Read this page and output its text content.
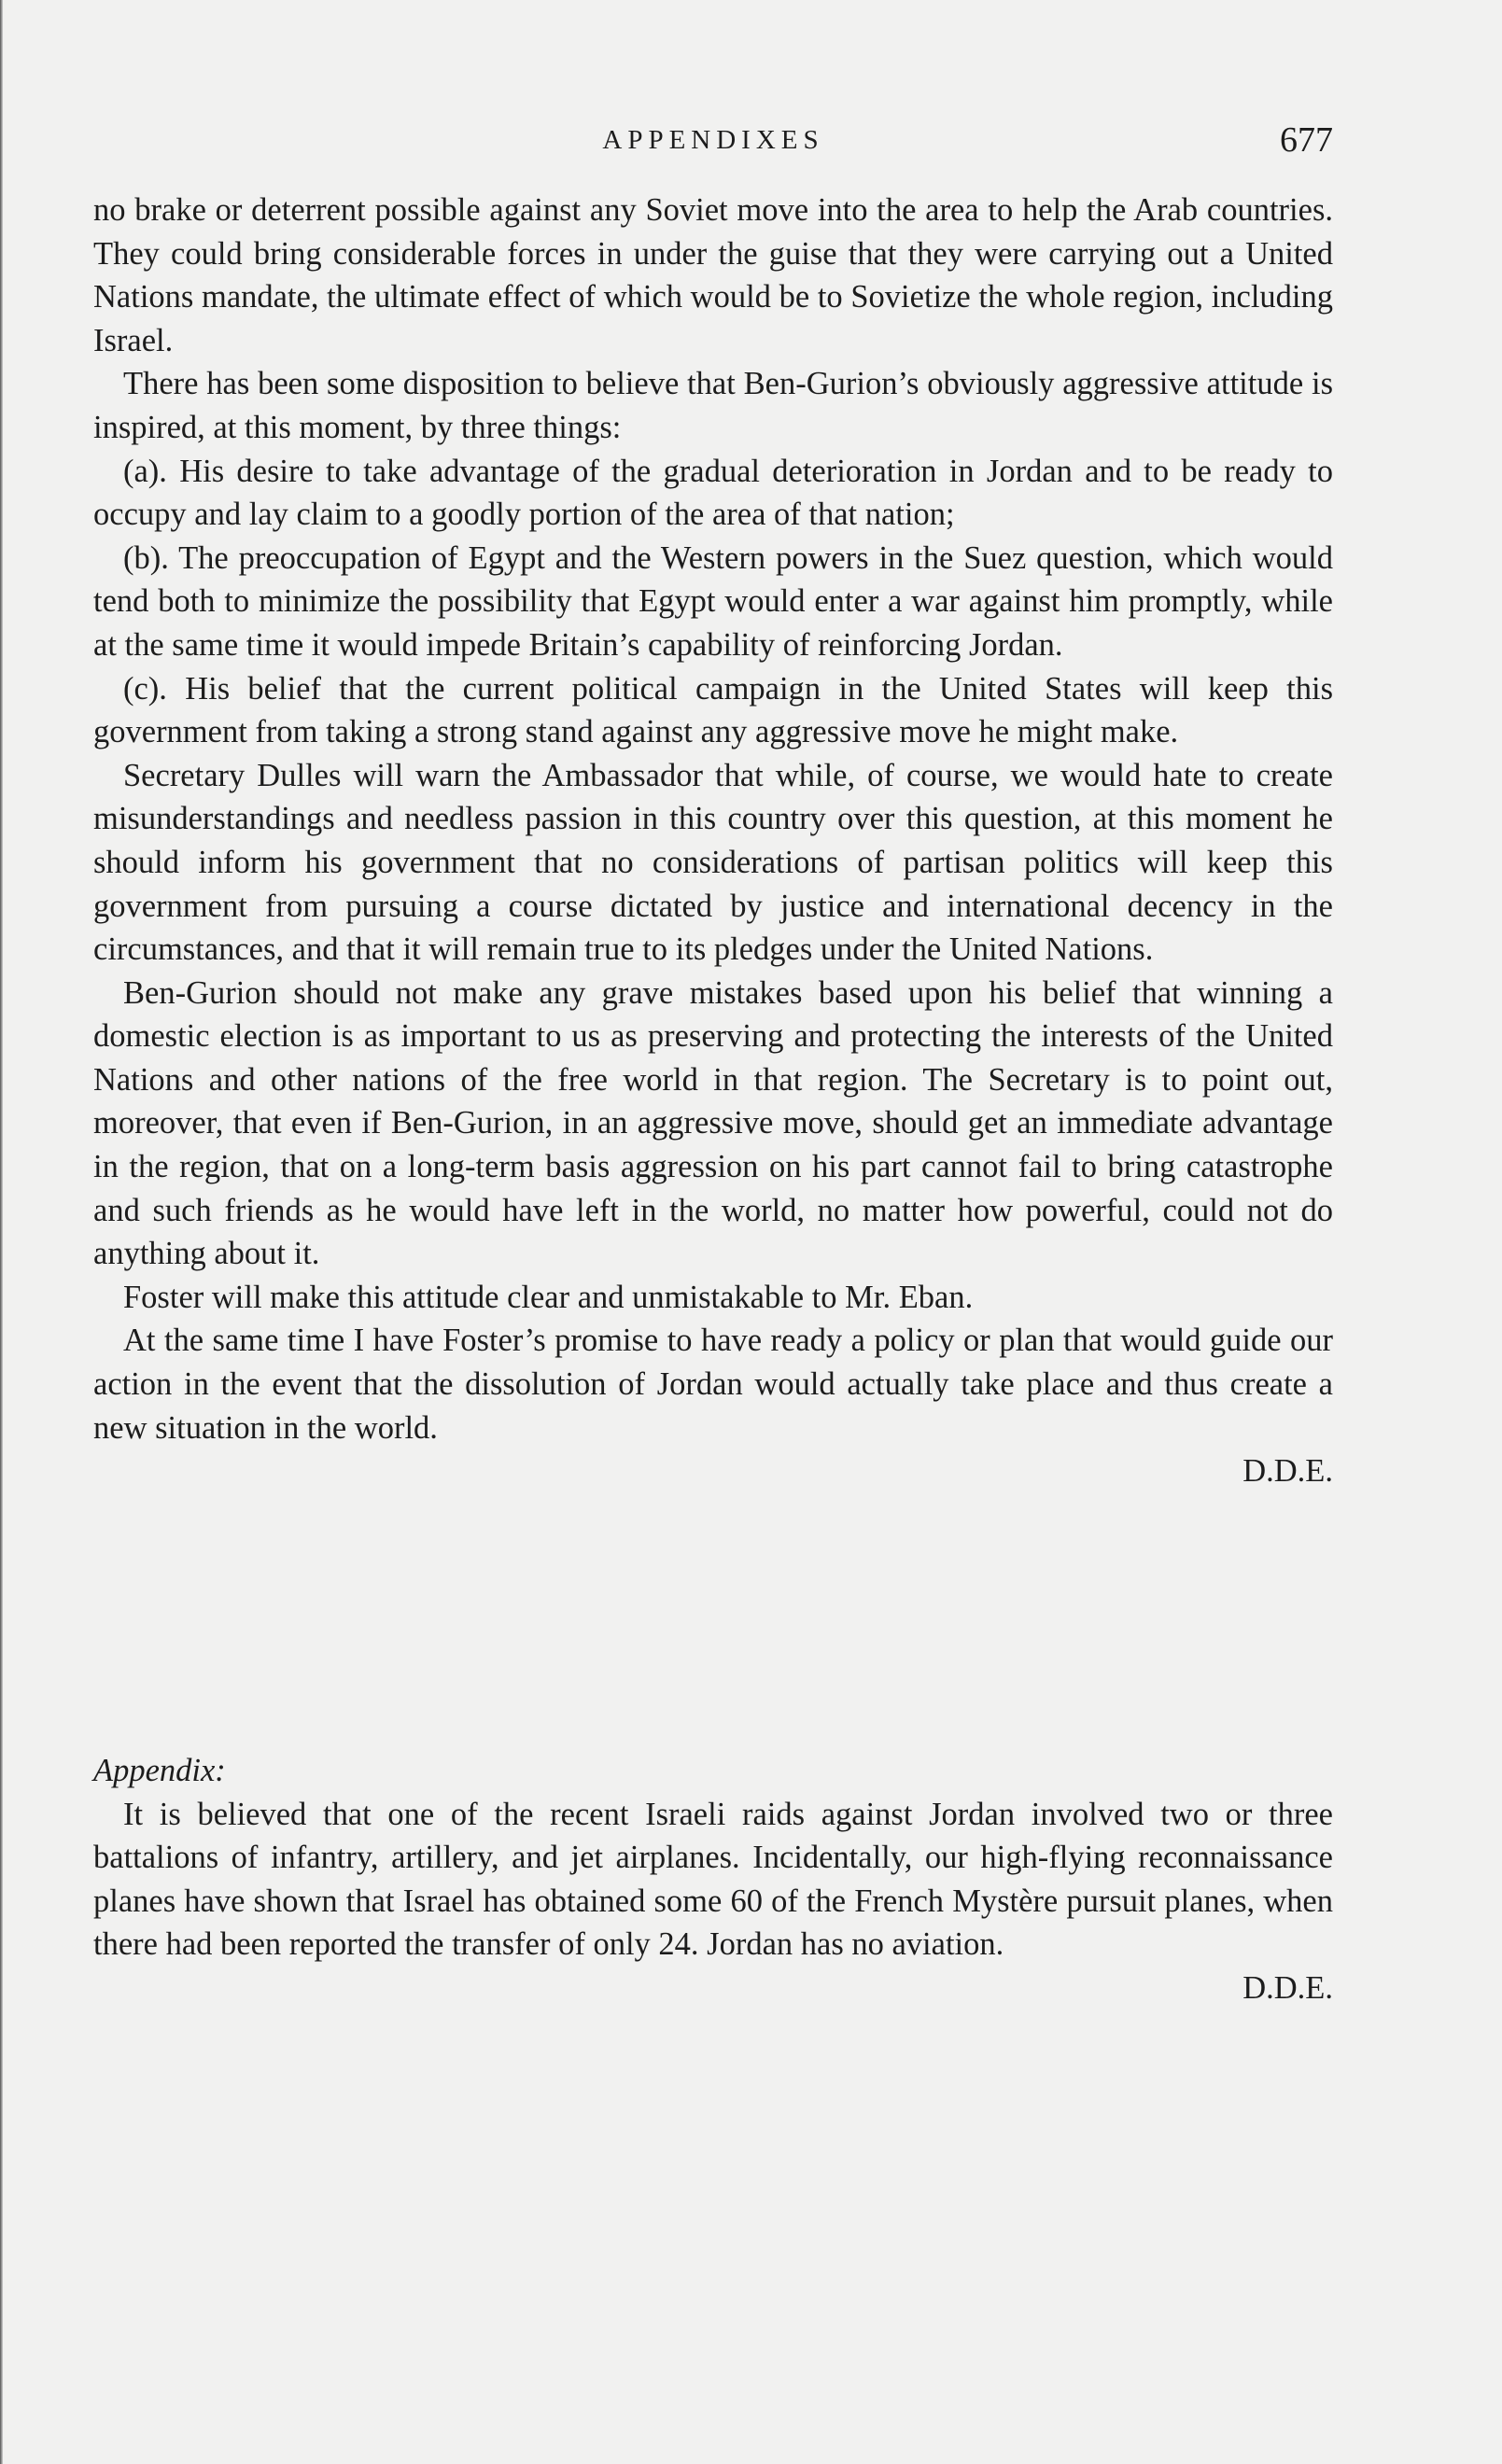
APPENDIXES	677

no brake or deterrent possible against any Soviet move into the area to help the Arab countries. They could bring considerable forces in under the guise that they were carrying out a United Nations mandate, the ultimate effect of which would be to Sovietize the whole region, including Israel.

There has been some disposition to believe that Ben-Gurion’s obviously aggressive attitude is inspired, at this moment, by three things:

(a). His desire to take advantage of the gradual deterioration in Jordan and to be ready to occupy and lay claim to a goodly portion of the area of that nation;

(b). The preoccupation of Egypt and the Western powers in the Suez question, which would tend both to minimize the possibility that Egypt would enter a war against him promptly, while at the same time it would impede Britain’s capability of reinforcing Jordan.

(c). His belief that the current political campaign in the United States will keep this government from taking a strong stand against any aggressive move he might make.

Secretary Dulles will warn the Ambassador that while, of course, we would hate to create misunderstandings and needless passion in this country over this question, at this moment he should inform his government that no considerations of partisan politics will keep this government from pursuing a course dictated by justice and international decency in the circumstances, and that it will remain true to its pledges under the United Nations.

Ben-Gurion should not make any grave mistakes based upon his belief that winning a domestic election is as important to us as preserving and protecting the interests of the United Nations and other nations of the free world in that region. The Secretary is to point out, moreover, that even if Ben-Gurion, in an aggressive move, should get an immediate advantage in the region, that on a long-term basis aggression on his part cannot fail to bring catastrophe and such friends as he would have left in the world, no matter how powerful, could not do anything about it.

Foster will make this attitude clear and unmistakable to Mr. Eban.

At the same time I have Foster’s promise to have ready a policy or plan that would guide our action in the event that the dissolution of Jordan would actually take place and thus create a new situation in the world.

D.D.E.

Appendix:

It is believed that one of the recent Israeli raids against Jordan involved two or three battalions of infantry, artillery, and jet airplanes. Incidentally, our high-flying reconnaissance planes have shown that Israel has obtained some 60 of the French Mystère pursuit planes, when there had been reported the transfer of only 24. Jordan has no aviation.

D.D.E.
